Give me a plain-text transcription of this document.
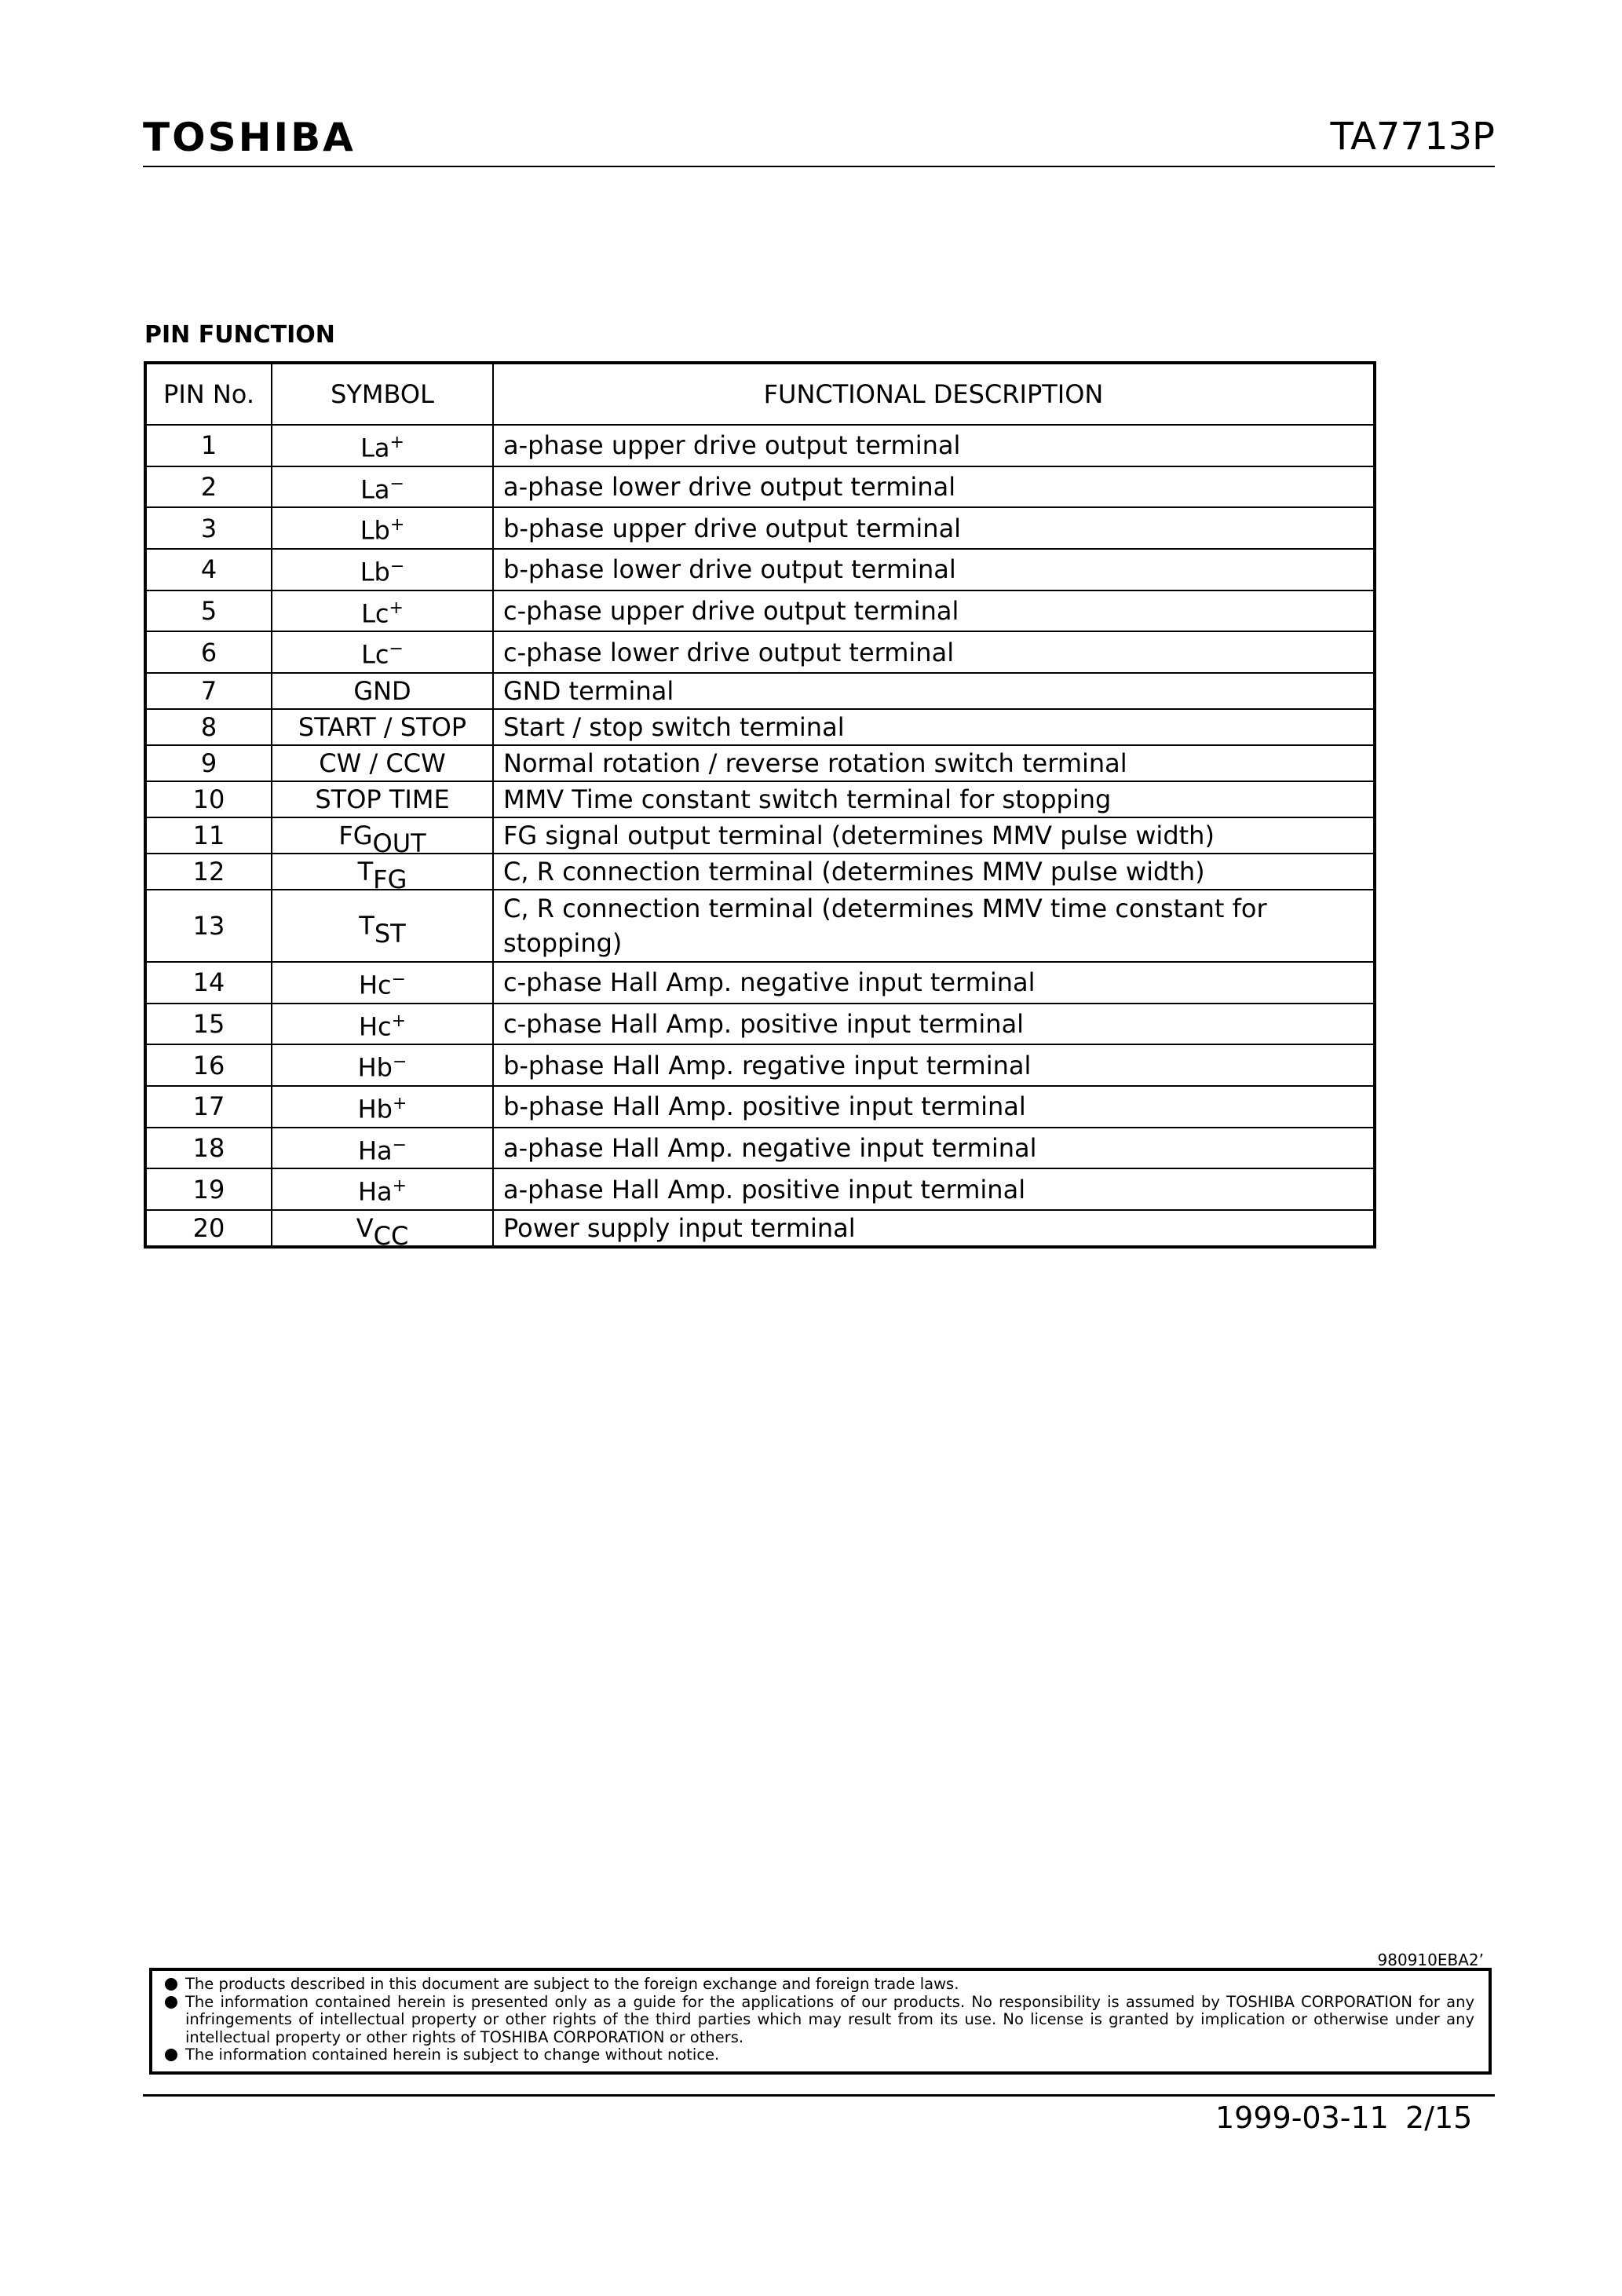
TOSHIBA	TA7713P
PIN FUNCTION
PIN No.	SYMBOL	FUNCTIONAL DESCRIPTION
1	La+	a-phase upper drive output terminal
2	La−	a-phase lower drive output terminal
3	Lb+	b-phase upper drive output terminal
4	Lb−	b-phase lower drive output terminal
5	Lc+	c-phase upper drive output terminal
6	Lc−	c-phase lower drive output terminal
7	GND	GND terminal
8	START / STOP	Start / stop switch terminal
9	CW / CCW	Normal rotation / reverse rotation switch terminal
10	STOP TIME	MMV Time constant switch terminal for stopping
11	FGOUT	FG signal output terminal (determines MMV pulse width)
12	TFG	C, R connection terminal (determines MMV pulse width)
13	TST	C, R connection terminal (determines MMV time constant for stopping)
14	Hc−	c-phase Hall Amp. negative input terminal
15	Hc+	c-phase Hall Amp. positive input terminal
16	Hb−	b-phase Hall Amp. regative input terminal
17	Hb+	b-phase Hall Amp. positive input terminal
18	Ha−	a-phase Hall Amp. negative input terminal
19	Ha+	a-phase Hall Amp. positive input terminal
20	VCC	Power supply input terminal
980910EBA2’
The products described in this document are subject to the foreign exchange and foreign trade laws.
The information contained herein is presented only as a guide for the applications of our products. No responsibility is assumed by TOSHIBA CORPORATION for any infringements of intellectual property or other rights of the third parties which may result from its use. No license is granted by implication or otherwise under any intellectual property or other rights of TOSHIBA CORPORATION or others.
The information contained herein is subject to change without notice.
1999-03-11 2/15
